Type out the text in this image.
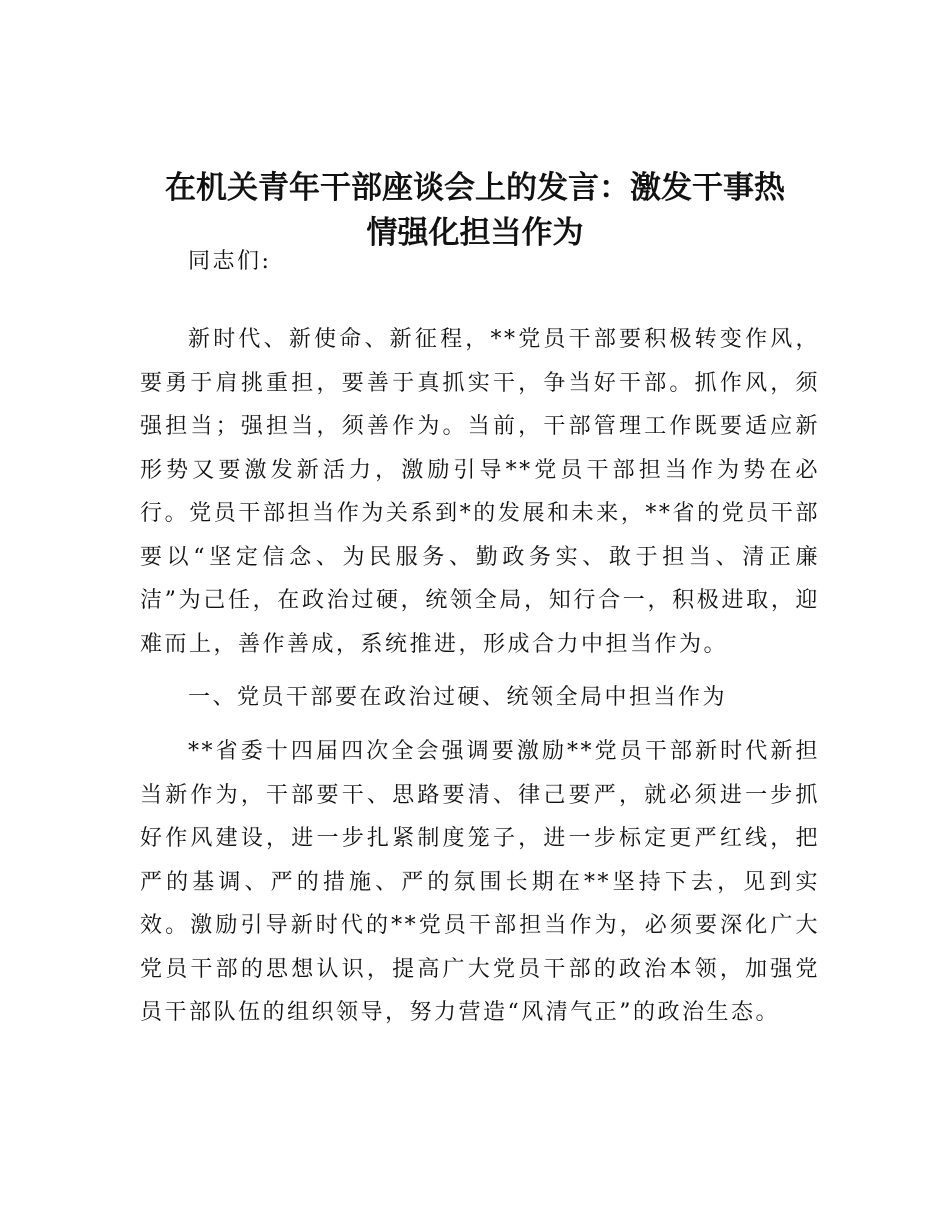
在机关青年干部座谈会上的发言：激发干事热
情强化担当作为

同志们:

新时代、新使命、新征程，**党员干部要积极转变作风，要勇于肩挑重担，要善于真抓实干，争当好干部。抓作风，须强担当；强担当，须善作为。当前，干部管理工作既要适应新形势又要激发新活力，激励引导**党员干部担当作为势在必行。党员干部担当作为关系到*的发展和未来，**省的党员干部要以“坚定信念、为民服务、勤政务实、敢于担当、清正廉洁”为己任，在政治过硬，统领全局，知行合一，积极进取，迎难而上，善作善成，系统推进，形成合力中担当作为。

一、党员干部要在政治过硬、统领全局中担当作为

**省委十四届四次全会强调要激励**党员干部新时代新担当新作为，干部要干、思路要清、律己要严，就必须进一步抓好作风建设，进一步扎紧制度笼子，进一步标定更严红线，把严的基调、严的措施、严的氛围长期在**坚持下去，见到实效。激励引导新时代的**党员干部担当作为，必须要深化广大党员干部的思想认识，提高广大党员干部的政治本领，加强党员干部队伍的组织领导，努力营造“风清气正”的政治生态。
